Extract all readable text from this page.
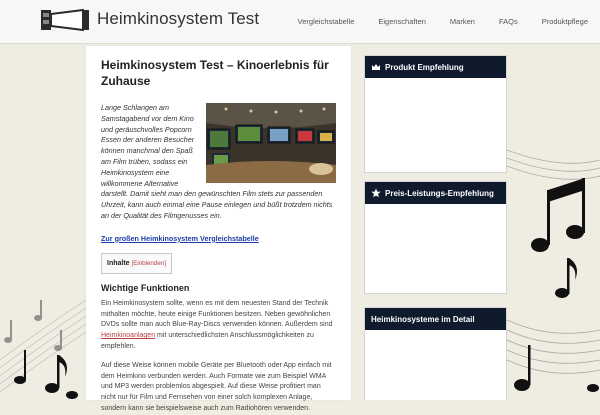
Heimkinosystem Test	Vergleichstabelle	Eigenschaften	Marken	FAQs	Produktpflege
Heimkinosystem Test – Kinoerlebnis für Zuhause

Lange Schlangen am Samstagabend vor dem Kino und geräuschvolles Popcorn Essen der anderen Besucher können manchmal den Spaß am Film trüben, sodass ein Heimkinosystem eine willkommene Alternative darstellt. Damit sieht man den gewünschten Film stets zur passenden Uhrzeit, kann auch einmal eine Pause einlegen und büßt trotzdem nichts an der Qualität des Filmgenusses ein.

Zur großen Heimkinosystem Vergleichstabelle
Inhalte [Einblenden]
Wichtige Funktionen

Ein Heimkinosystem sollte, wenn es mit dem neuesten Stand der Technik mithalten möchte, heute einige Funktionen besitzen. Neben gewöhnlichen DVDs sollte man auch Blue-Ray-Discs verwenden können. Außerdem sind Heimkinoanlagen mit unterschiedlichsten Anschlussmöglichkeiten zu empfehlen.

Auf diese Weise können mobile Geräte per Bluetooth oder App einfach mit dem Heimkino verbunden werden. Auch Formate wie zum Beispiel WMA und MP3 werden problemlos abgespielt. Auf diese Weise profitiert man nicht nur für Film und Fernsehen von einer solch komplexen Anlage, sondern kann sie beispielsweise auch zum Radiohören verwenden.

Produkt Empfehlung
Preis-Leistungs-Empfehlung
Heimkinosysteme im Detail
